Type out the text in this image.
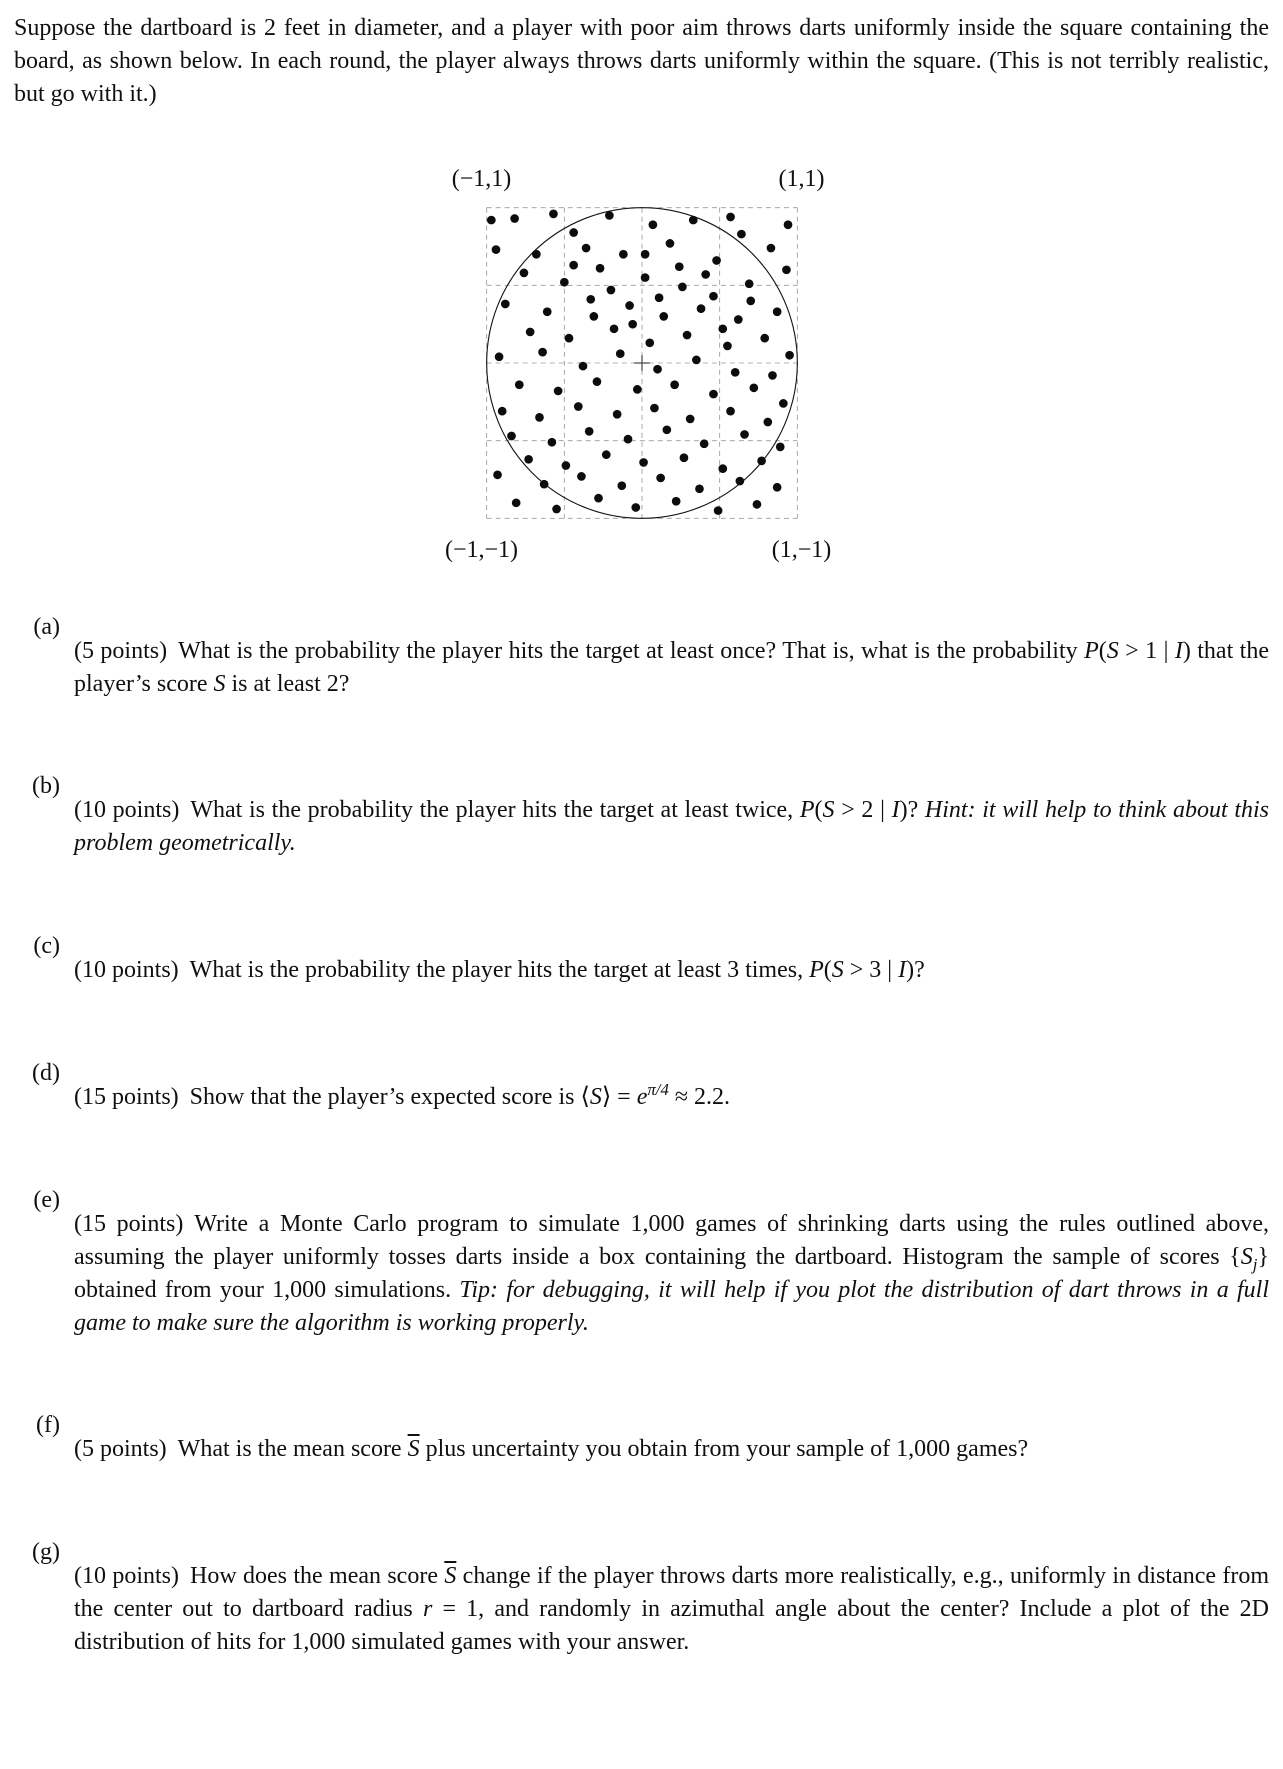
Suppose the dartboard is 2 feet in diameter, and a player with poor aim throws darts uniformly inside the square containing the board, as shown below. In each round, the player always throws darts uniformly within the square. (This is not terribly realistic, but go with it.)

(−1,1)	(1,1)
(−1,−1)	(1,−1)
(a)

(5 points) What is the probability the player hits the target at least once? That is, what is the probability P(S > 1 | I) that the player’s score S is at least 2?

(b)

(10 points) What is the probability the player hits the target at least twice, P(S > 2 | I)? Hint: it will help to think about this problem geometrically.

(c)

(10 points) What is the probability the player hits the target at least 3 times, P(S > 3 | I)?

(d)

(15 points) Show that the player’s expected score is ⟨S⟩ = $e^{\pi/4} \approx 2.2$.

(e)

(15 points) Write a Monte Carlo program to simulate 1,000 games of shrinking darts using the rules outlined above, assuming the player uniformly tosses darts inside a box containing the dartboard. Histogram the sample of scores $\{S_j\}$ obtained from your 1,000 simulations. Tip: for debugging, it will help if you plot the distribution of dart throws in a full game to make sure the algorithm is working properly.

(f)

(5 points) What is the mean score $\overline{S}$ plus uncertainty you obtain from your sample of 1,000 games?

(g)

(10 points) How does the mean score $\overline{S}$ change if the player throws darts more realistically, e.g., uniformly in distance from the center out to dartboard radius r = 1, and randomly in azimuthal angle about the center? Include a plot of the 2D distribution of hits for 1,000 simulated games with your answer.
